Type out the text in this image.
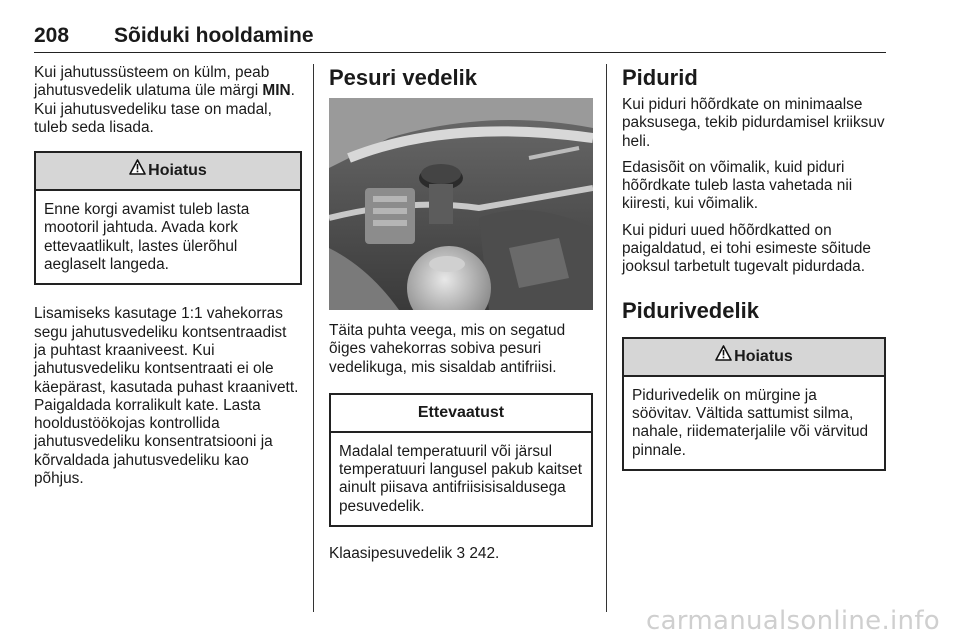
208 Sõiduki hooldamine

Kui jahutussüsteem on külm, peab jahutusvedelik ulatuma üle märgi MIN. Kui jahutusvedeliku tase on madal, tuleb seda lisada.

Hoiatus

Enne korgi avamist tuleb lasta mootoril jahtuda. Avada kork ettevaatlikult, lastes ülerõhul aeglaselt langeda.

Lisamiseks kasutage 1:1 vahekorras segu jahutusvedeliku kontsentraadist ja puhtast kraaniveest. Kui jahutusvedeliku kontsentraati ei ole käepärast, kasutada puhast kraanivett. Paigaldada korralikult kate. Lasta hooldustöökojas kontrollida jahutusvedeliku konsentratsiooni ja kõrvaldada jahutusvedeliku kao põhjus.

Pesuri vedelik

Täita puhta veega, mis on segatud õiges vahekorras sobiva pesuri vedelikuga, mis sisaldab antifriisi.

Ettevaatust

Madalal temperatuuril või järsul temperatuuri langusel pakub kaitset ainult piisava antifriisisisaldusega pesuvedelik.

Klaasipesuvedelik 3 242.

Pidurid

Kui piduri hõõrdkate on minimaalse paksusega, tekib pidurdamisel kriiksuv heli.

Edasisõit on võimalik, kuid piduri hõõrdkate tuleb lasta vahetada nii kiiresti, kui võimalik.

Kui piduri uued hõõrdkatted on paigaldatud, ei tohi esimeste sõitude jooksul tarbetult tugevalt pidurdada.

Pidurivedelik
Hoiatus

Pidurivedelik on mürgine ja söövitav. Vältida sattumist silma, nahale, riidematerjalile või värvitud pinnale.

carmanualsonline.info
